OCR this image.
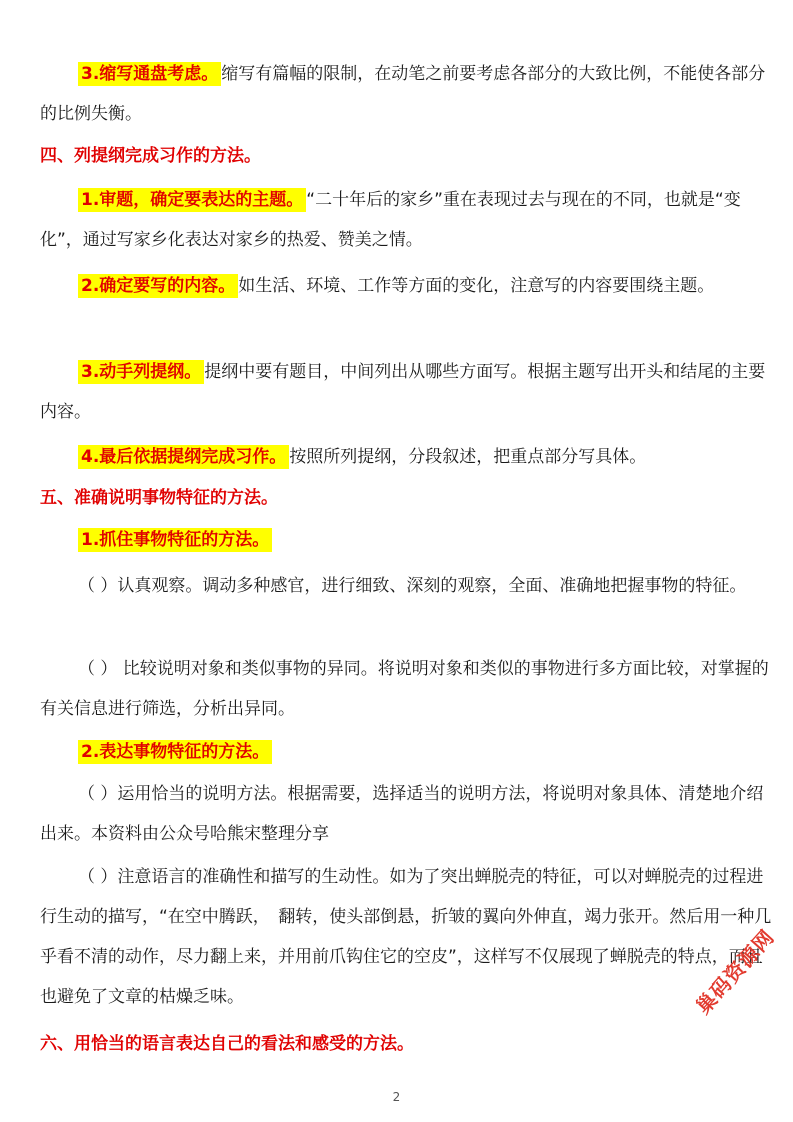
3.缩写通盘考虑。 缩写有篇幅的限制，在动笔之前要考虑各部分的大致比例，不能使各部分的比例失衡。
四、列提纲完成习作的方法。
1.审题，确定要表达的主题。 “二十年后的家乡”重在表现过去与现在的不同，也就是“变化”，通过写家乡化表达对家乡的热爱、赞美之情。
2.确定要写的内容。 如生活、环境、工作等方面的变化，注意写的内容要围绕主题。
3.动手列提纲。 提纲中要有题目，中间列出从哪些方面写。根据主题写出开头和结尾的主要内容。
4.最后依据提纲完成习作。 按照所列提纲，分段叙述，把重点部分写具体。
五、准确说明事物特征的方法。
1.抓住事物特征的方法。
（ ）认真观察。调动多种感官，进行细致、深刻的观察，全面、准确地把握事物的特征。
（ ） 比较说明对象和类似事物的异同。将说明对象和类似的事物进行多方面比较，对掌握的有关信息进行筛选，分析出异同。
2.表达事物特征的方法。
（ ）运用恰当的说明方法。根据需要，选择适当的说明方法，将说明对象具体、清楚地介绍出来。本资料由公众号哈熊宋整理分享
（ ）注意语言的准确性和描写的生动性。如为了突出蝉脱壳的特征，可以对蝉脱壳的过程进行生动的描写，“在空中腾跃，　翻转，使头部倒悬，折皱的翼向外伸直，竭力张开。然后用一种几乎看不清的动作，尽力翻上来，并用前爪钩住它的空皮”，这样写不仅展现了蝉脱壳的特点，而且也避免了文章的枯燥乏味。
六、用恰当的语言表达自己的看法和感受的方法。
巢码资源网
2
